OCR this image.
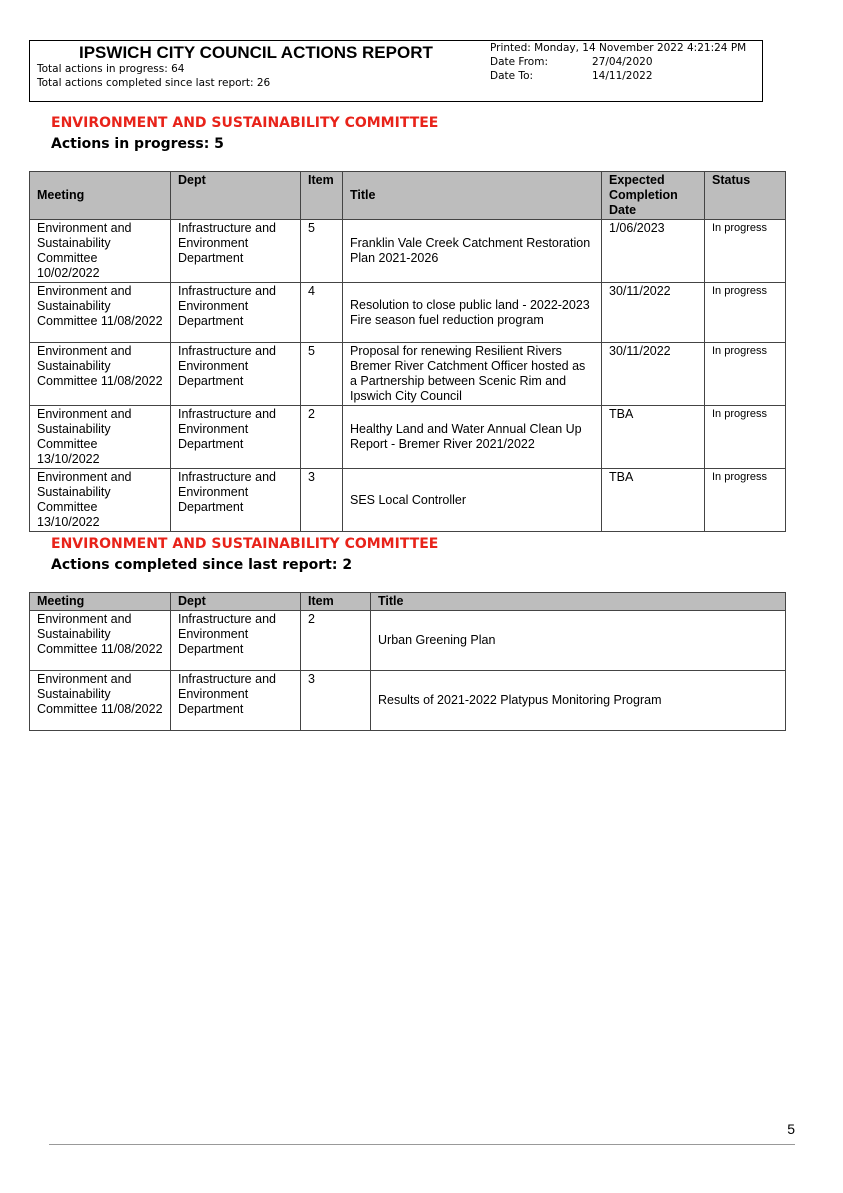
IPSWICH CITY COUNCIL ACTIONS REPORT
Total actions in progress: 64
Total actions completed since last report: 26
Printed: Monday, 14 November 2022 4:21:24 PM
Date From:	27/04/2020
Date To:	14/11/2022
ENVIRONMENT AND SUSTAINABILITY COMMITTEE
Actions in progress: 5
Meeting	Dept	Item	Title	Expected Completion Date	Status
Environment and Sustainability Committee 10/02/2022	Infrastructure and Environment Department	5	Franklin Vale Creek Catchment Restoration Plan 2021-2026	1/06/2023	In progress
Environment and Sustainability Committee 11/08/2022	Infrastructure and Environment Department	4	Resolution to close public land - 2022-2023 Fire season fuel reduction program	30/11/2022	In progress
Environment and Sustainability Committee 11/08/2022	Infrastructure and Environment Department	5	Proposal for renewing Resilient Rivers Bremer River Catchment Officer hosted as a Partnership between Scenic Rim and Ipswich City Council	30/11/2022	In progress
Environment and Sustainability Committee 13/10/2022	Infrastructure and Environment Department	2	Healthy Land and Water Annual Clean Up Report - Bremer River 2021/2022	TBA	In progress
Environment and Sustainability Committee 13/10/2022	Infrastructure and Environment Department	3	SES Local Controller	TBA	In progress
ENVIRONMENT AND SUSTAINABILITY COMMITTEE
Actions completed since last report: 2
Meeting	Dept	Item	Title
Environment and Sustainability Committee 11/08/2022	Infrastructure and Environment Department	2	Urban Greening Plan
Environment and Sustainability Committee 11/08/2022	Infrastructure and Environment Department	3	Results of 2021-2022 Platypus Monitoring Program
5
